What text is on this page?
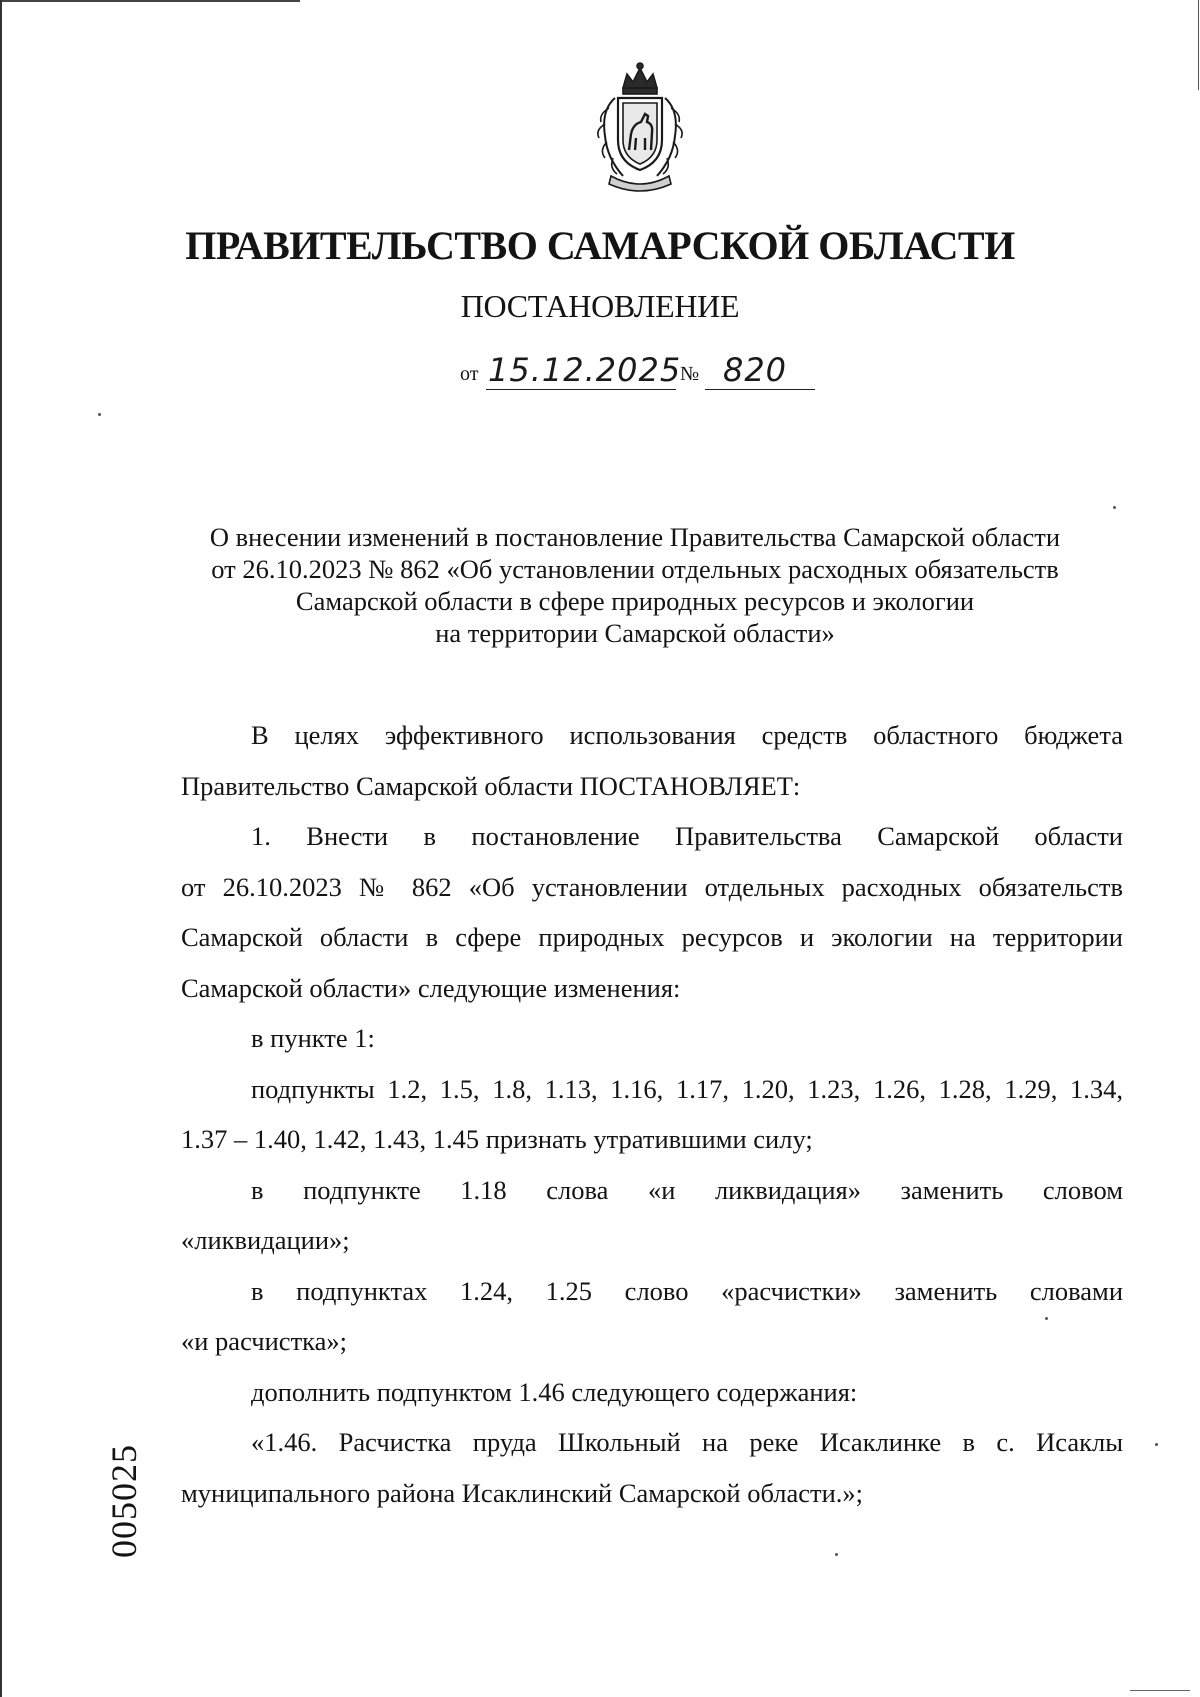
ПРАВИТЕЛЬСТВО САМАРСКОЙ ОБЛАСТИ
ПОСТАНОВЛЕНИЕ
от 15.12.2025
№ 820
О внесении изменений в постановление Правительства Самарской области
от 26.10.2023 № 862 «Об установлении отдельных расходных обязательств
Самарской области в сфере природных ресурсов и экологии
на территории Самарской области»

В целях эффективного использования средств областного бюджета

Правительство Самарской области ПОСТАНОВЛЯЕТ:

1. Внести в постановление Правительства Самарской области

от 26.10.2023 № 862 «Об установлении отдельных расходных обязательств

Самарской области в сфере природных ресурсов и экологии на территории

Самарской области» следующие изменения:

в пункте 1:

подпункты 1.2, 1.5, 1.8, 1.13, 1.16, 1.17, 1.20, 1.23, 1.26, 1.28, 1.29, 1.34,

1.37 – 1.40, 1.42, 1.43, 1.45 признать утратившими силу;

в подпункте 1.18 слова «и ликвидация» заменить словом

«ликвидации»;

в подпунктах 1.24, 1.25 слово «расчистки» заменить словами

«и расчистка»;

дополнить подпунктом 1.46 следующего содержания:

«1.46. Расчистка пруда Школьный на реке Исаклинке в с. Исаклы

муниципального района Исаклинский Самарской области.»;

005025
